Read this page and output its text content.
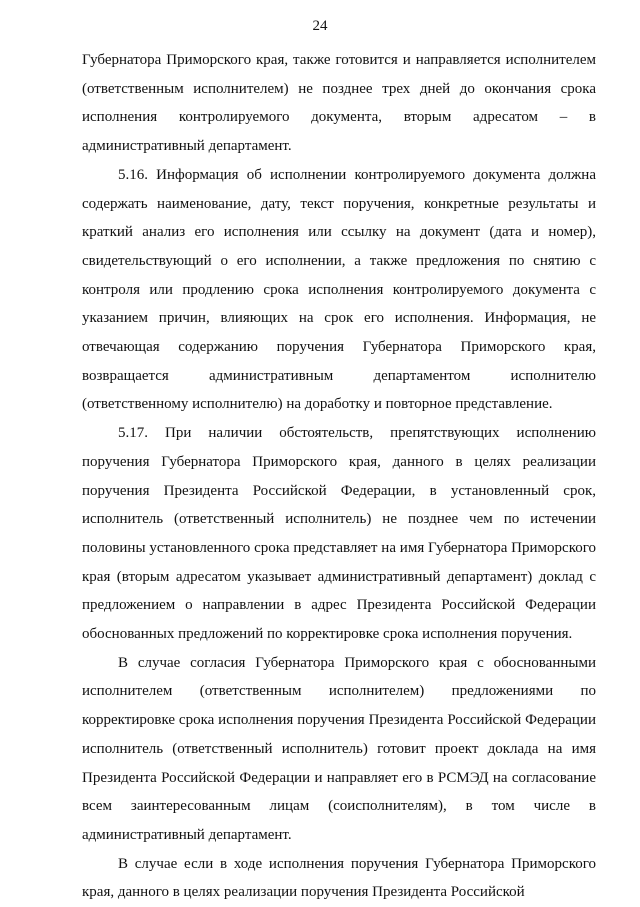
24

Губернатора Приморского края, также готовится и направляется исполнителем (ответственным исполнителем) не позднее трех дней до окончания срока исполнения контролируемого документа, вторым адресатом – в административный департамент.

5.16. Информация об исполнении контролируемого документа должна содержать наименование, дату, текст поручения, конкретные результаты и краткий анализ его исполнения или ссылку на документ (дата и номер), свидетельствующий о его исполнении, а также предложения по снятию с контроля или продлению срока исполнения контролируемого документа с указанием причин, влияющих на срок его исполнения. Информация, не отвечающая содержанию поручения Губернатора Приморского края, возвращается административным департаментом исполнителю (ответственному исполнителю) на доработку и повторное представление.

5.17. При наличии обстоятельств, препятствующих исполнению поручения Губернатора Приморского края, данного в целях реализации поручения Президента Российской Федерации, в установленный срок, исполнитель (ответственный исполнитель) не позднее чем по истечении половины установленного срока представляет на имя Губернатора Приморского края (вторым адресатом указывает административный департамент) доклад с предложением о направлении в адрес Президента Российской Федерации обоснованных предложений по корректировке срока исполнения поручения.

В случае согласия Губернатора Приморского края с обоснованными исполнителем (ответственным исполнителем) предложениями по корректировке срока исполнения поручения Президента Российской Федерации исполнитель (ответственный исполнитель) готовит проект доклада на имя Президента Российской Федерации и направляет его в РСМЭД на согласование всем заинтересованным лицам (соисполнителям), в том числе в административный департамент.

В случае если в ходе исполнения поручения Губернатора Приморского края, данного в целях реализации поручения Президента Российской
